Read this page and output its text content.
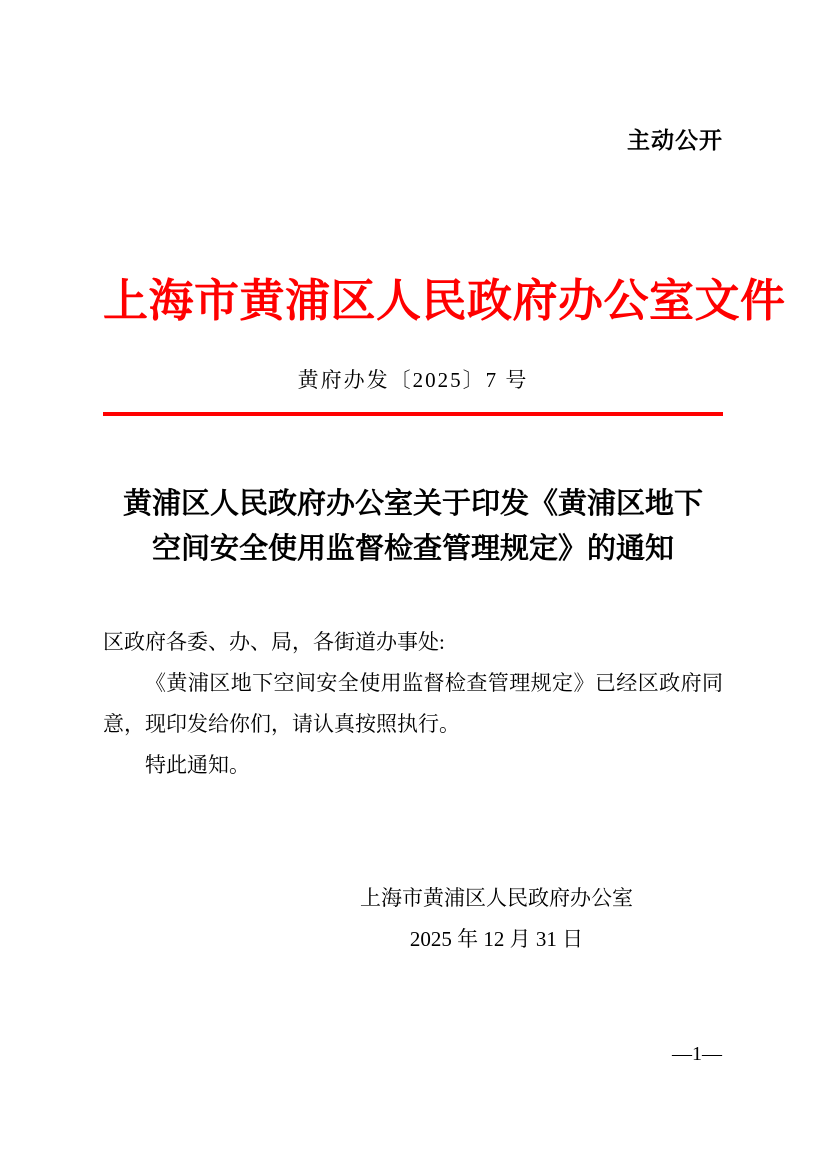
主动公开
上海市黄浦区人民政府办公室文件
黄府办发〔2025〕7 号
黄浦区人民政府办公室关于印发《黄浦区地下
空间安全使用监督检查管理规定》的通知

区政府各委、办、局，各街道办事处:

《黄浦区地下空间安全使用监督检查管理规定》已经区政府同意，现印发给你们，请认真按照执行。

特此通知。

上海市黄浦区人民政府办公室
2025 年 12 月 31 日
—1—
